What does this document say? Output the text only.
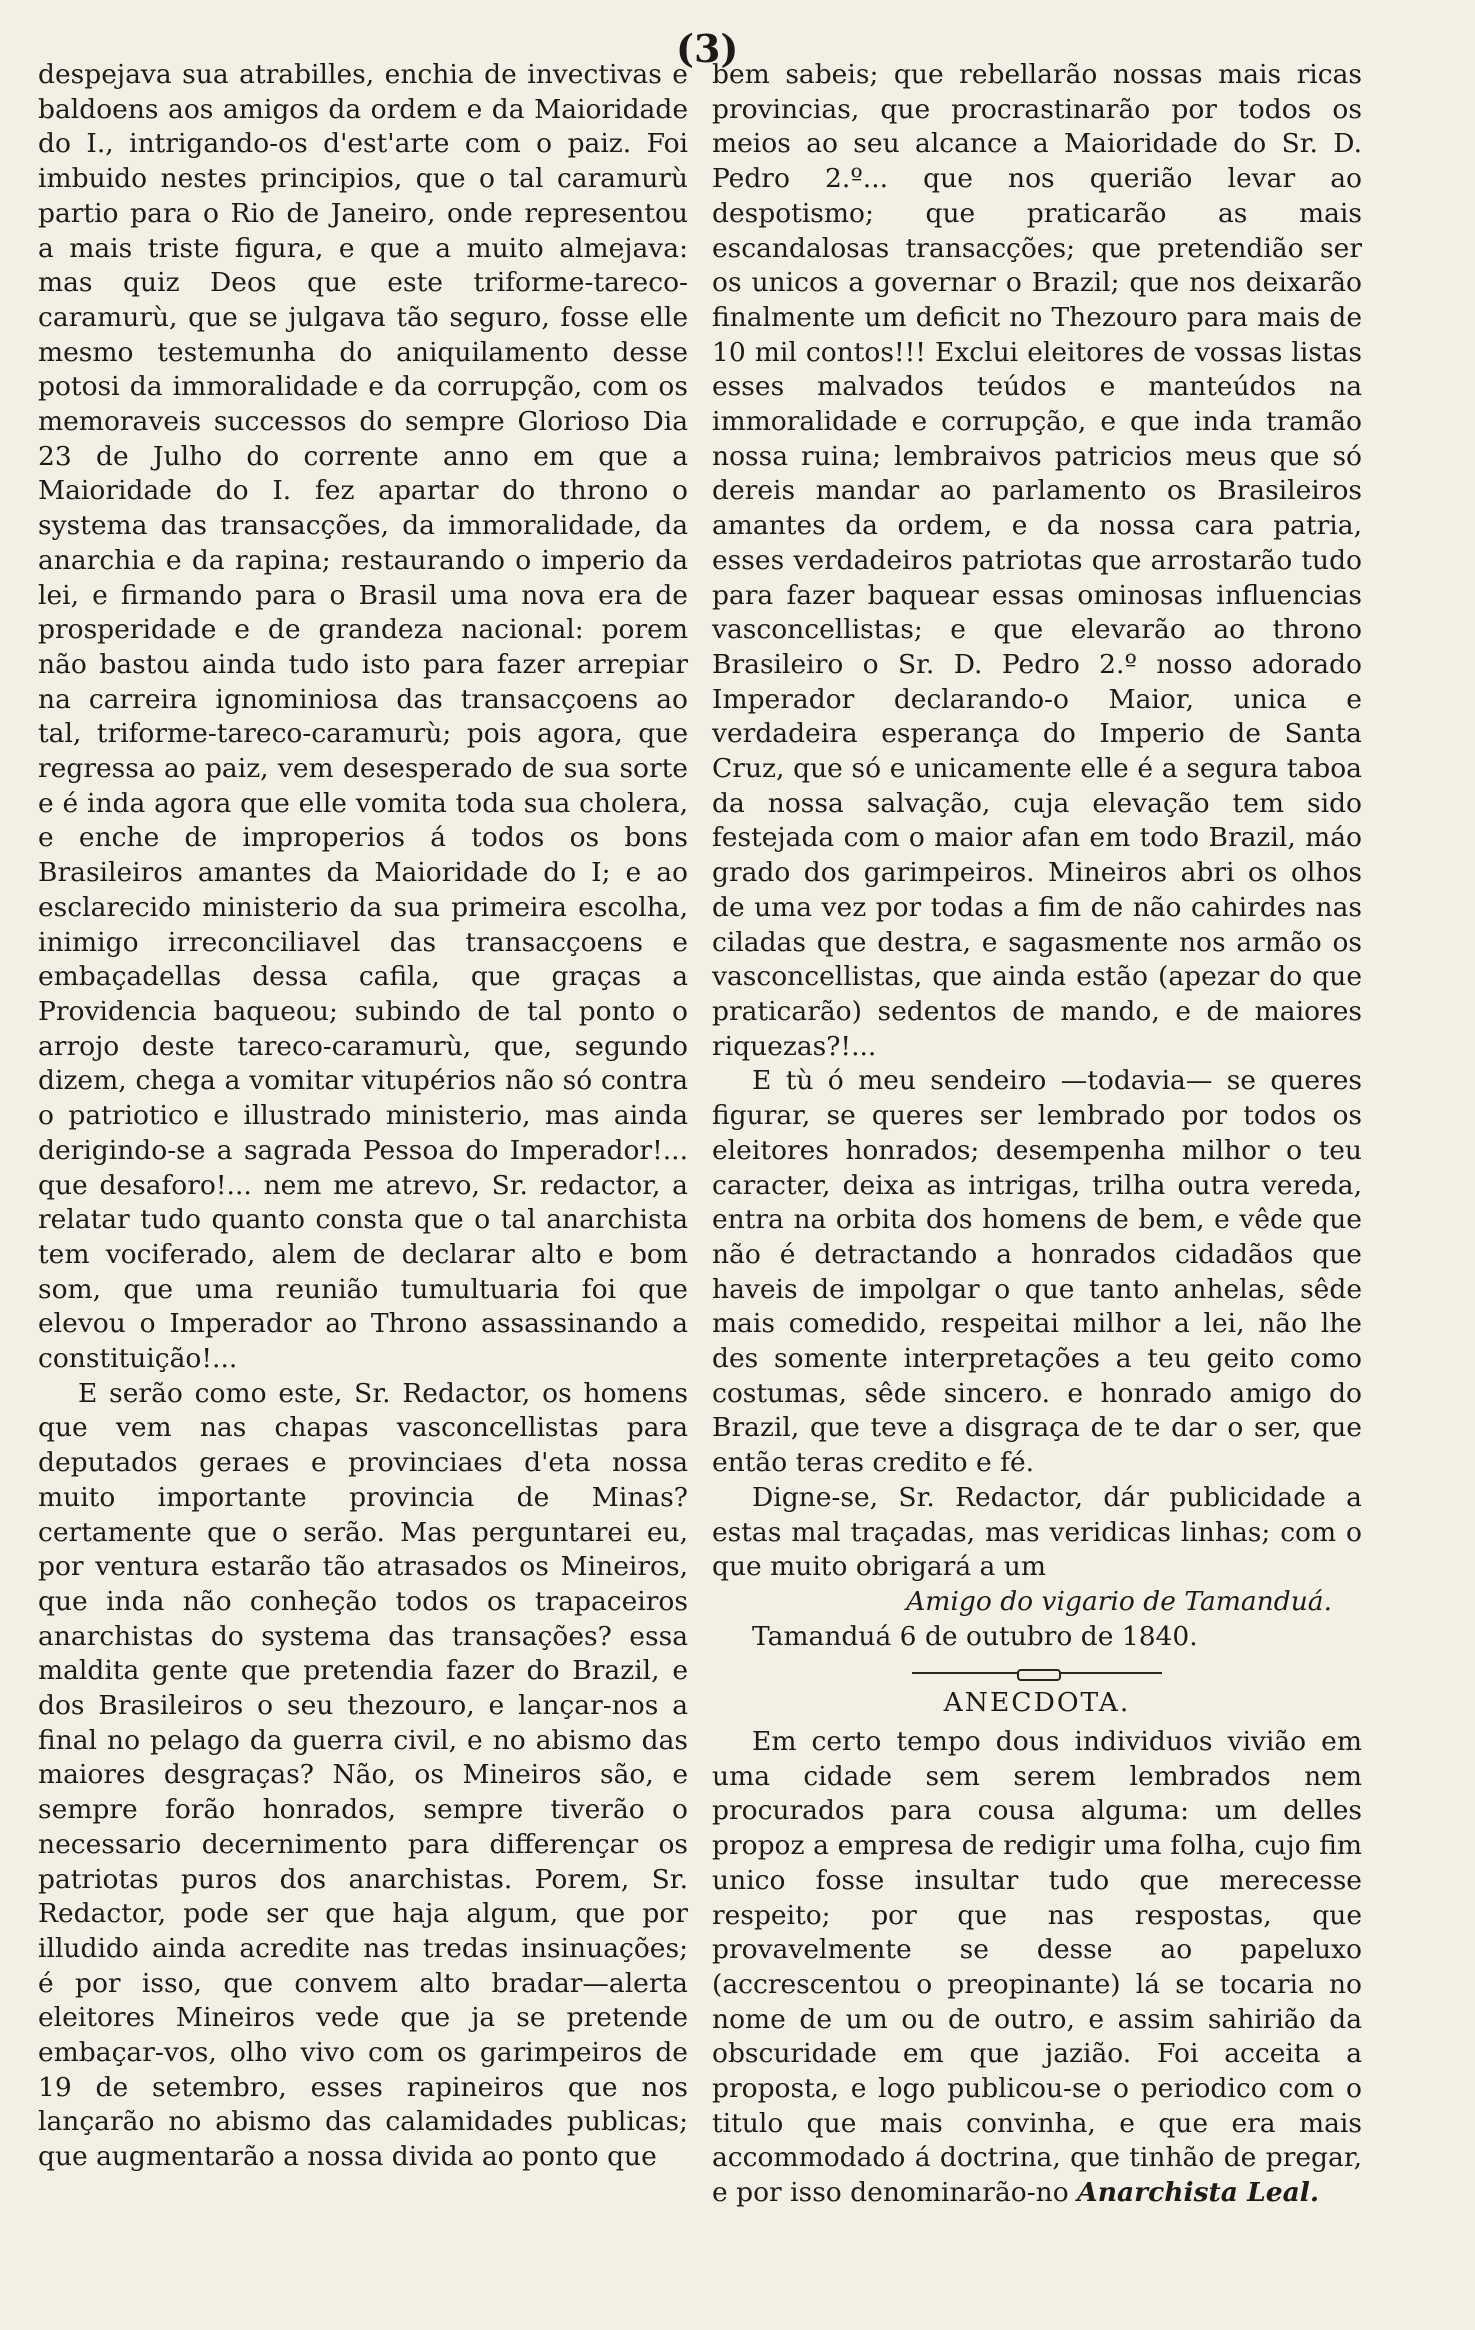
(3)

despejava sua atrabilles, enchia de invectivas e baldoens aos amigos da ordem e da Maioridade do I., intrigando-os d'est'arte com o paiz. Foi imbuido nestes principios, que o tal caramurù partio para o Rio de Janeiro, onde representou a mais triste figura, e que a muito almejava: mas quiz Deos que este triforme-tareco-caramurù, que se julgava tão seguro, fosse elle mesmo testemunha do aniquilamento desse potosi da immoralidade e da corrupção, com os memoraveis successos do sempre Glorioso Dia 23 de Julho do corrente anno em que a Maioridade do I. fez apartar do throno o systema das transacções, da immoralidade, da anarchia e da rapina; restaurando o imperio da lei, e firmando para o Brasil uma nova era de prosperidade e de grandeza nacional: porem não bastou ainda tudo isto para fazer arrepiar na carreira ignominiosa das transacçoens ao tal, triforme-tareco-caramurù; pois agora, que regressa ao paiz, vem desesperado de sua sorte e é inda agora que elle vomita toda sua cholera, e enche de improperios á todos os bons Brasileiros amantes da Maioridade do I; e ao esclarecido ministerio da sua primeira escolha, inimigo irreconciliavel das transacçoens e embaçadellas dessa cafila, que graças a Providencia baqueou; subindo de tal ponto o arrojo deste tareco-caramurù, que, segundo dizem, chega a vomitar vitupérios não só contra o patriotico e illustrado ministerio, mas ainda derigindo-se a sagrada Pessoa do Imperador!... que desaforo!... nem me atrevo, Sr. redactor, a relatar tudo quanto consta que o tal anarchista tem vociferado, alem de declarar alto e bom som, que uma reunião tumultuaria foi que elevou o Imperador ao Throno assassinando a constituição!...

E serão como este, Sr. Redactor, os homens que vem nas chapas vasconcellistas para deputados geraes e provinciaes d'eta nossa muito importante provincia de Minas? certamente que o serão. Mas perguntarei eu, por ventura estarão tão atrasados os Mineiros, que inda não conheção todos os trapaceiros anarchistas do systema das transações? essa maldita gente que pretendia fazer do Brazil, e dos Brasileiros o seu thezouro, e lançar-nos a final no pelago da guerra civil, e no abismo das maiores desgraças? Não, os Mineiros são, e sempre forão honrados, sempre tiverão o necessario decernimento para differençar os patriotas puros dos anarchistas. Porem, Sr. Redactor, pode ser que haja algum, que por illudido ainda acredite nas tredas insinuações; é por isso, que convem alto bradar—alerta eleitores Mineiros vede que ja se pretende embaçar-vos, olho vivo com os garimpeiros de 19 de setembro, esses rapineiros que nos lançarão no abismo das calamidades publicas; que augmentarão a nossa divida ao ponto que

bem sabeis; que rebellarão nossas mais ricas provincias, que procrastinarão por todos os meios ao seu alcance a Maioridade do Sr. D. Pedro 2.º... que nos querião levar ao despotismo; que praticarão as mais escandalosas transacções; que pretendião ser os unicos a governar o Brazil; que nos deixarão finalmente um deficit no Thezouro para mais de 10 mil contos!!! Exclui eleitores de vossas listas esses malvados teúdos e manteúdos na immoralidade e corrupção, e que inda tramão nossa ruina; lembraivos patricios meus que só dereis mandar ao parlamento os Brasileiros amantes da ordem, e da nossa cara patria, esses verdadeiros patriotas que arrostarão tudo para fazer baquear essas ominosas influencias vasconcellistas; e que elevarão ao throno Brasileiro o Sr. D. Pedro 2.º nosso adorado Imperador declarando-o Maior, unica e verdadeira esperança do Imperio de Santa Cruz, que só e unicamente elle é a segura taboa da nossa salvação, cuja elevação tem sido festejada com o maior afan em todo Brazil, máo grado dos garimpeiros. Mineiros abri os olhos de uma vez por todas a fim de não cahirdes nas ciladas que destra, e sagasmente nos armão os vasconcellistas, que ainda estão (apezar do que praticarão) sedentos de mando, e de maiores riquezas?!...

E tù ó meu sendeiro —todavia— se queres figurar, se queres ser lembrado por todos os eleitores honrados; desempenha milhor o teu caracter, deixa as intrigas, trilha outra vereda, entra na orbita dos homens de bem, e vêde que não é detractando a honrados cidadãos que haveis de impolgar o que tanto anhelas, sêde mais comedido, respeitai milhor a lei, não lhe des somente interpretações a teu geito como costumas, sêde sincero. e honrado amigo do Brazil, que teve a disgraça de te dar o ser, que então teras credito e fé.

Digne-se, Sr. Redactor, dár publicidade a estas mal traçadas, mas veridicas linhas; com o que muito obrigará a um

Amigo do vigario de Tamanduá.

Tamanduá 6 de outubro de 1840.

ANECDOTA.

Em certo tempo dous individuos vivião em uma cidade sem serem lembrados nem procurados para cousa alguma: um delles propoz a empresa de redigir uma folha, cujo fim unico fosse insultar tudo que merecesse respeito; por que nas respostas, que provavelmente se desse ao papeluxo (accrescentou o preopinante) lá se tocaria no nome de um ou de outro, e assim sahirião da obscuridade em que jazião. Foi acceita a proposta, e logo publicou-se o periodico com o titulo que mais convinha, e que era mais accommodado á doctrina, que tinhão de pregar, e por isso denominarão-no Anarchista Leal.
